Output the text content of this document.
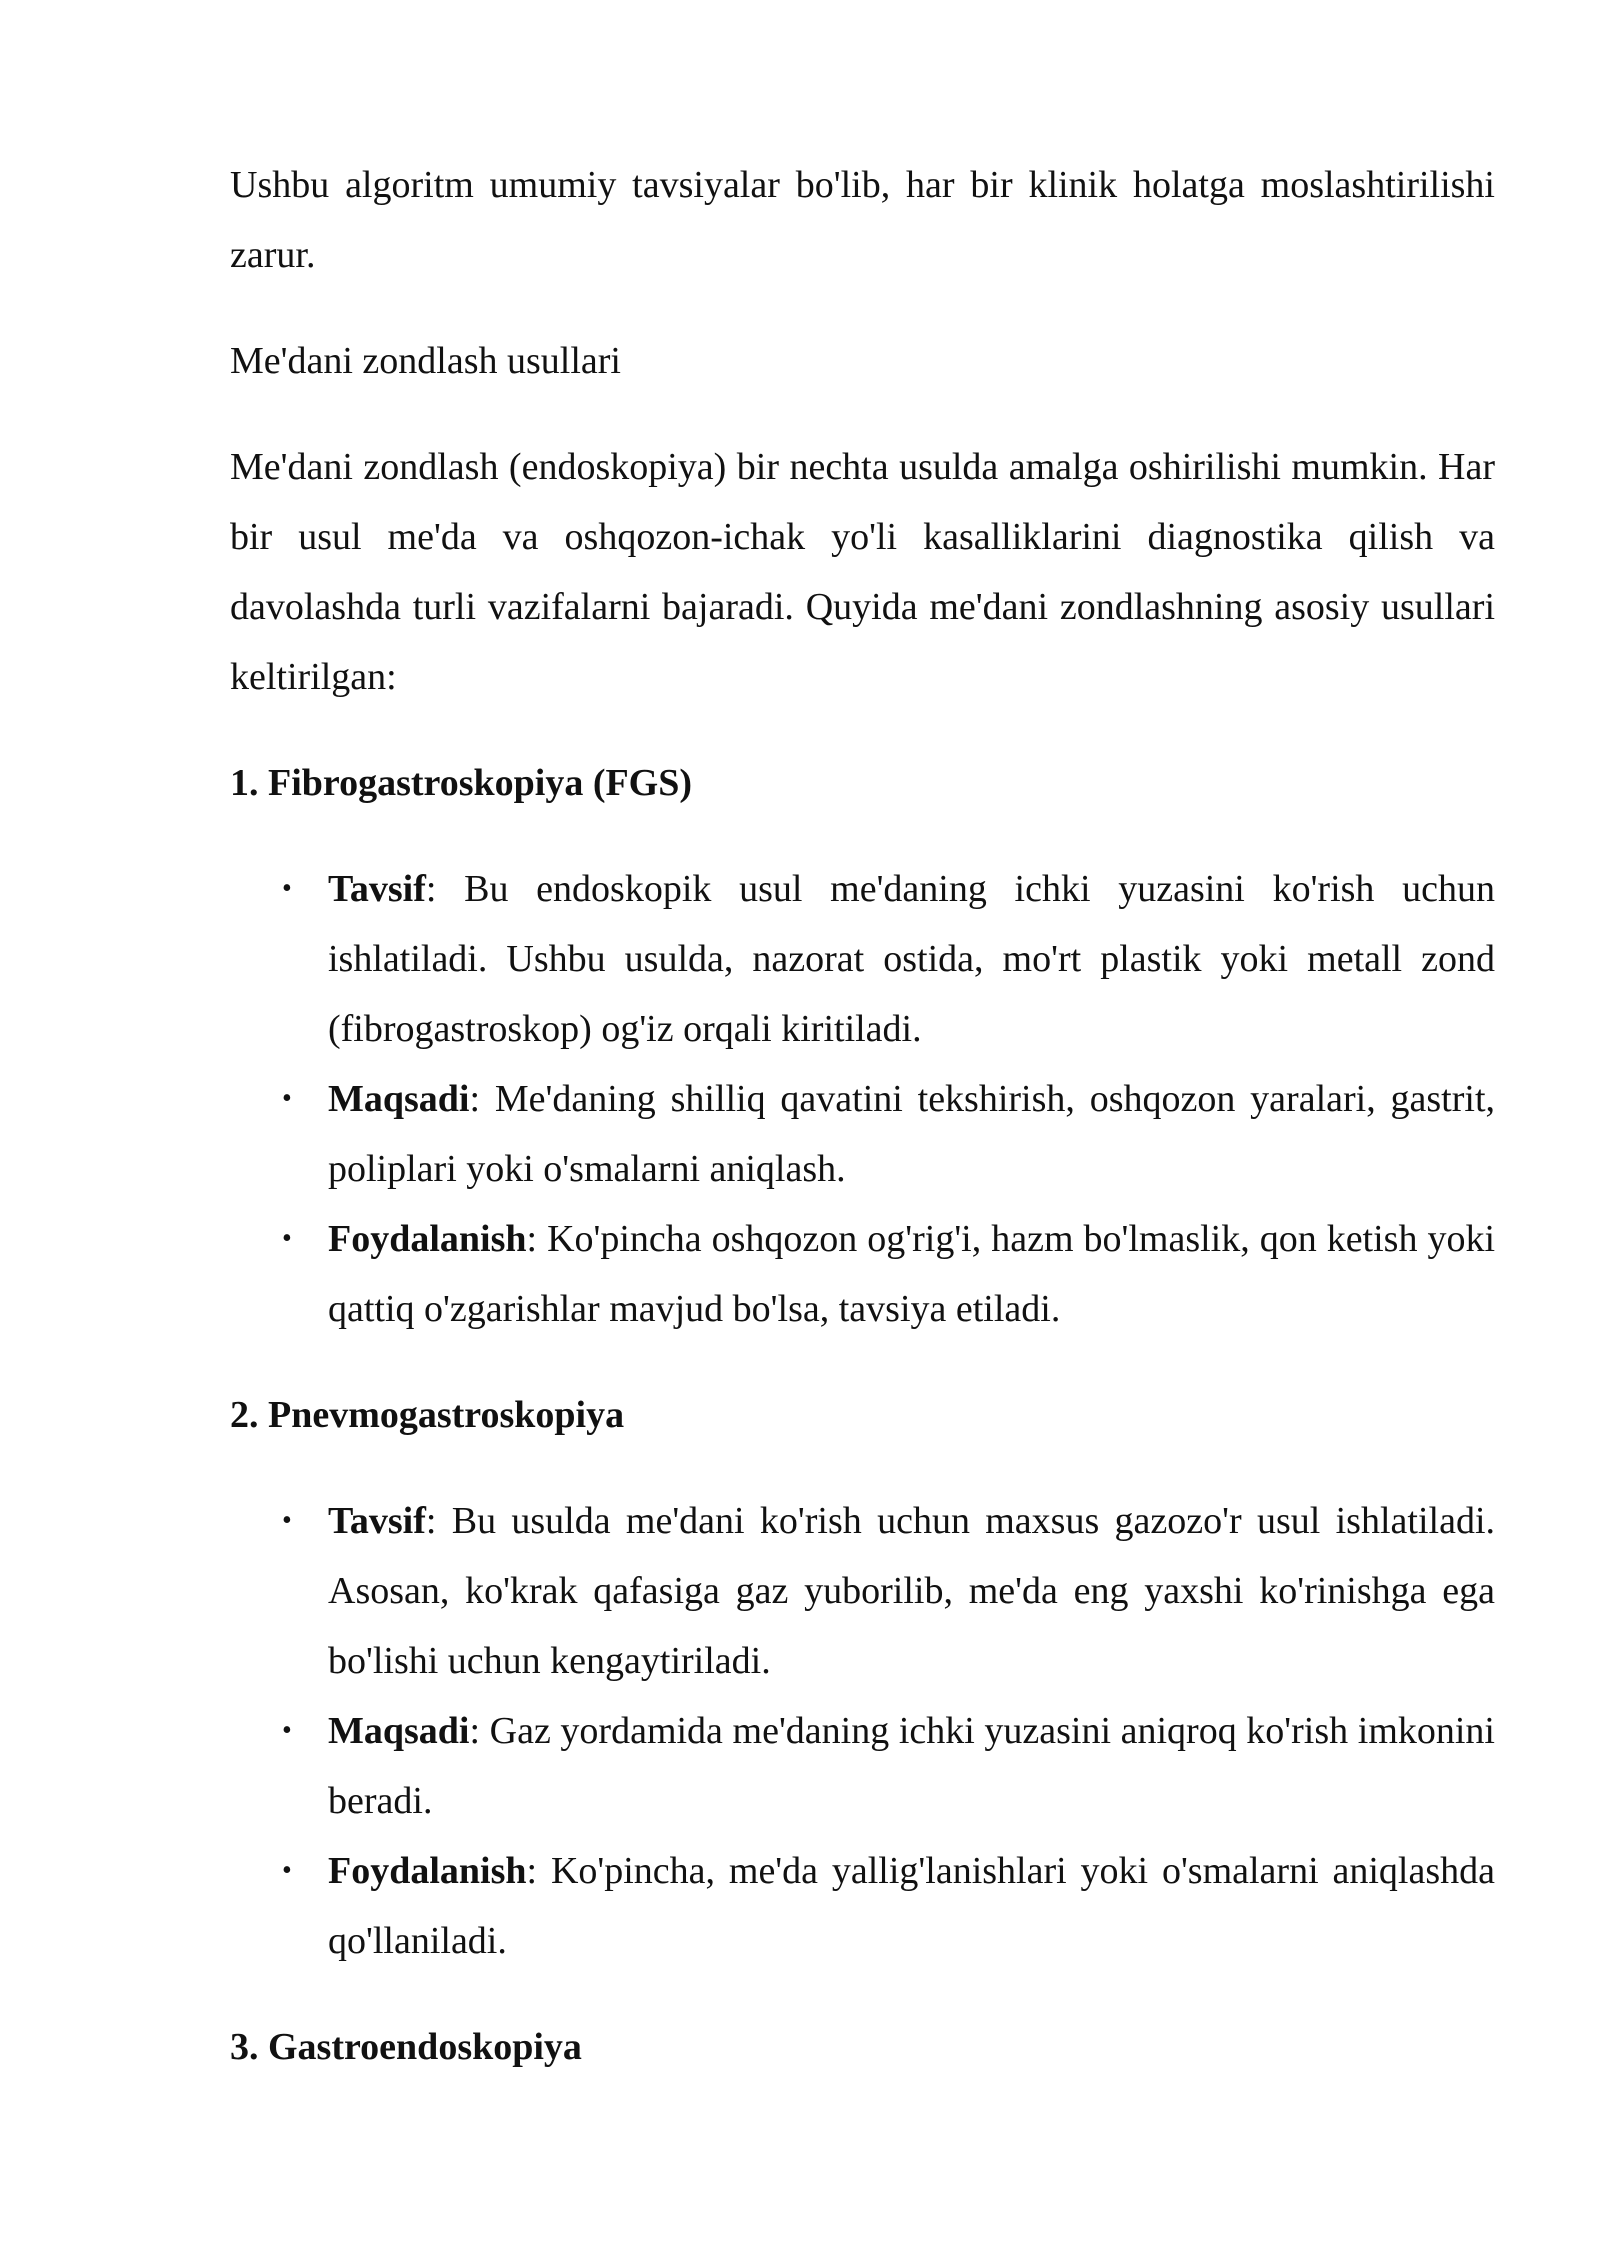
Ushbu algoritm umumiy tavsiyalar bo'lib, har bir klinik holatga moslashtirilishi zarur.

Me'dani zondlash usullari

Me'dani zondlash (endoskopiya) bir nechta usulda amalga oshirilishi mumkin. Har bir usul me'da va oshqozon-ichak yo'li kasalliklarini diagnostika qilish va davolashda turli vazifalarni bajaradi. Quyida me'dani zondlashning asosiy usullari keltirilgan:

1. Fibrogastroskopiya (FGS)
• Tavsif: Bu endoskopik usul me'daning ichki yuzasini ko'rish uchun ishlatiladi. Ushbu usulda, nazorat ostida, mo'rt plastik yoki metall zond (fibrogastroskop) og'iz orqali kiritiladi.
• Maqsadi: Me'daning shilliq qavatini tekshirish, oshqozon yaralari, gastrit, poliplari yoki o'smalarni aniqlash.
• Foydalanish: Ko'pincha oshqozon og'rig'i, hazm bo'lmaslik, qon ketish yoki qattiq o'zgarishlar mavjud bo'lsa, tavsiya etiladi.
2. Pnevmogastroskopiya
• Tavsif: Bu usulda me'dani ko'rish uchun maxsus gazozo'r usul ishlatiladi. Asosan, ko'krak qafasiga gaz yuborilib, me'da eng yaxshi ko'rinishga ega bo'lishi uchun kengaytiriladi.
• Maqsadi: Gaz yordamida me'daning ichki yuzasini aniqroq ko'rish imkonini beradi.
• Foydalanish: Ko'pincha, me'da yallig'lanishlari yoki o'smalarni aniqlashda qo'llaniladi.
3. Gastroendoskopiya
